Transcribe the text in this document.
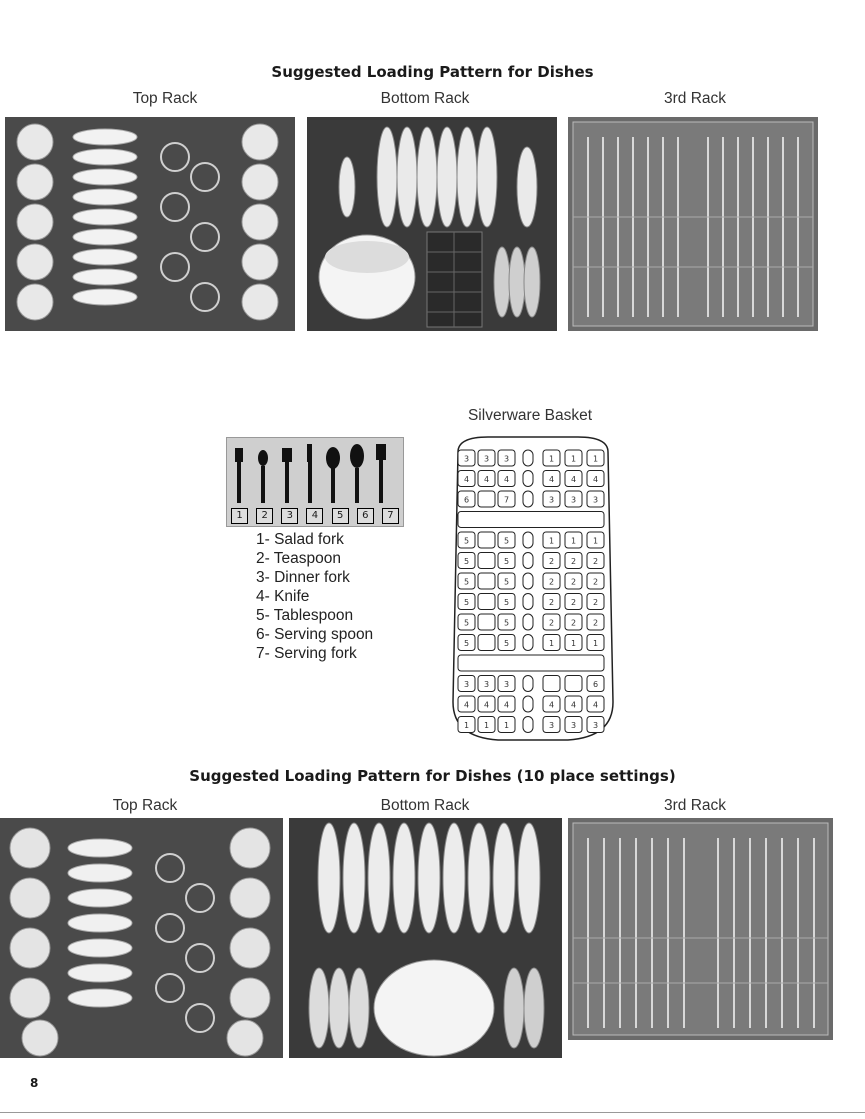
Suggested Loading Pattern for Dishes
Top Rack	Bottom Rack	3rd Rack
Silverware Basket
1	2	3	4	5	6	7
1- Salad fork
2- Teaspoon
3- Dinner fork
4- Knife
5- Tablespoon
6- Serving spoon
7- Serving fork
3 3 3	1 1 1
4 4 4	4 4 4
6	7	3 3 3
5	5	1 1 1
5	5	2 2 2
5	5	2 2 2
5	5	2 2 2
5	5	2 2 2
5	5	1 1 1
3 3 3	6
4 4 4	4 4 4
1 1 1	3 3 3
Suggested Loading Pattern for Dishes (10 place settings)
Top Rack	Bottom Rack	3rd Rack
8
